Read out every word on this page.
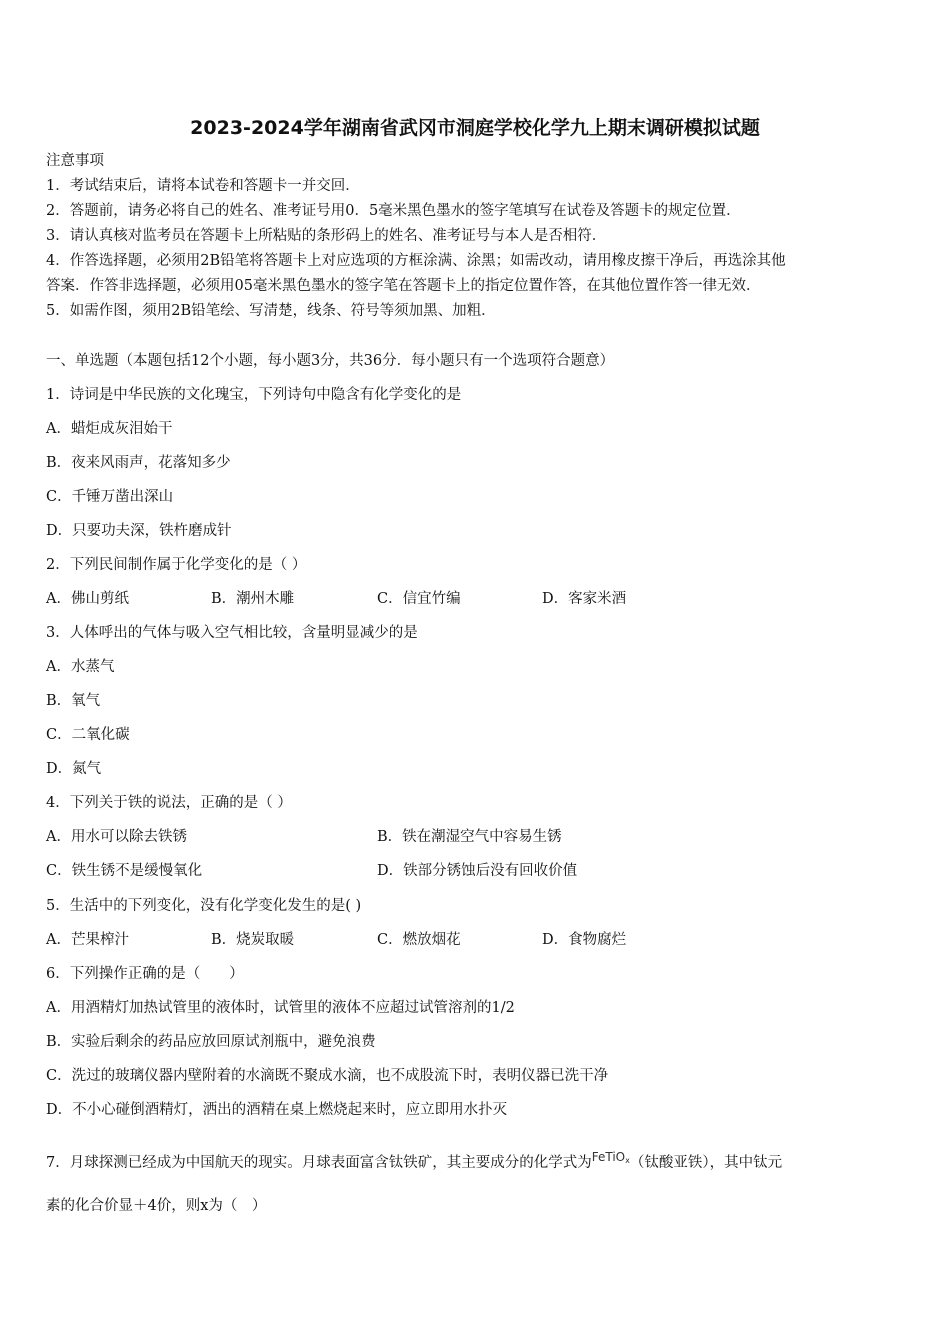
2023-2024学年湖南省武冈市洞庭学校化学九上期末调研模拟试题
注意事项
1．考试结束后，请将本试卷和答题卡一并交回．
2．答题前，请务必将自己的姓名、准考证号用0．5毫米黑色墨水的签字笔填写在试卷及答题卡的规定位置．
3．请认真核对监考员在答题卡上所粘贴的条形码上的姓名、准考证号与本人是否相符．
4．作答选择题，必须用2B铅笔将答题卡上对应选项的方框涂满、涂黑；如需改动，请用橡皮擦干净后，再选涂其他
答案．作答非选择题，必须用05毫米黑色墨水的签字笔在答题卡上的指定位置作答，在其他位置作答一律无效．
5．如需作图，须用2B铅笔绘、写清楚，线条、符号等须加黑、加粗．
一、单选题（本题包括12个小题，每小题3分，共36分．每小题只有一个选项符合题意）
1．诗词是中华民族的文化瑰宝，下列诗句中隐含有化学变化的是
A．蜡炬成灰泪始干
B．夜来风雨声，花落知多少
C．千锤万凿出深山
D．只要功夫深，铁杵磨成针
2．下列民间制作属于化学变化的是（ ）
A．佛山剪纸	B．潮州木雕	C．信宜竹编	D．客家米酒
3．人体呼出的气体与吸入空气相比较，含量明显减少的是
A．水蒸气
B．氧气
C．二氧化碳
D．氮气
4．下列关于铁的说法，正确的是（ ）
A．用水可以除去铁锈	B．铁在潮湿空气中容易生锈
C．铁生锈不是缓慢氧化	D．铁部分锈蚀后没有回收价值
5．生活中的下列变化，没有化学变化发生的是( )
A．芒果榨汁	B．烧炭取暖	C．燃放烟花	D．食物腐烂
6．下列操作正确的是（　　）
A．用酒精灯加热试管里的液体时，试管里的液体不应超过试管溶剂的1/2
B．实验后剩余的药品应放回原试剂瓶中，避免浪费
C．洗过的玻璃仪器内壁附着的水滴既不聚成水滴，也不成股流下时，表明仪器已洗干净
D．不小心碰倒酒精灯，洒出的酒精在桌上燃烧起来时，应立即用水扑灭
7．月球探测已经成为中国航天的现实。月球表面富含钛铁矿，其主要成分的化学式为$^{FeTiO_x}$（钛酸亚铁），其中钛元
素的化合价显＋4价，则x为（　）
